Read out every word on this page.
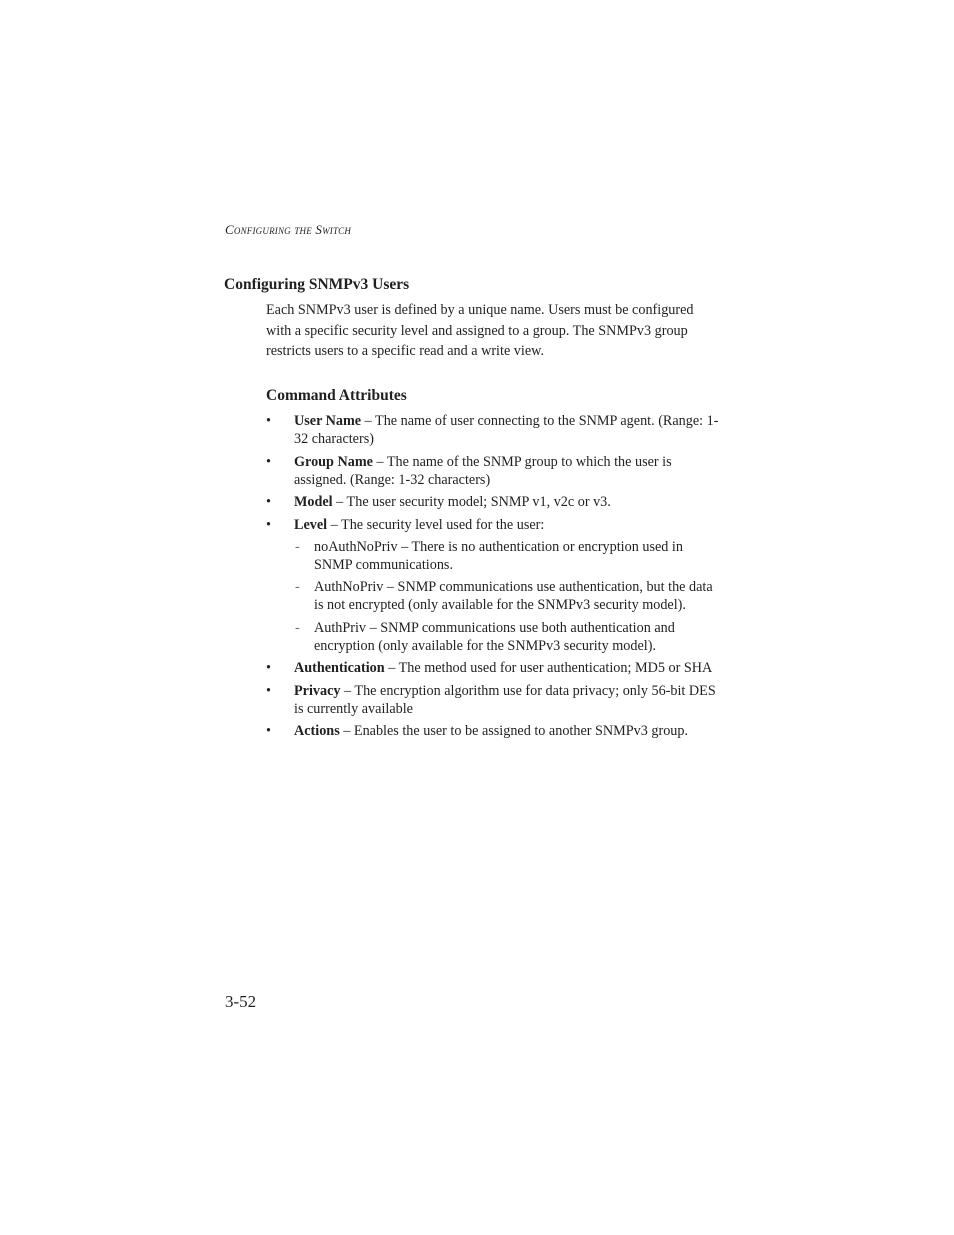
Configuring the Switch
Configuring SNMPv3 Users

Each SNMPv3 user is defined by a unique name. Users must be configured with a specific security level and assigned to a group. The SNMPv3 group restricts users to a specific read and a write view.

Command Attributes
• User Name – The name of user connecting to the SNMP agent. (Range: 1-32 characters)
• Group Name – The name of the SNMP group to which the user is assigned. (Range: 1-32 characters)
• Model – The user security model; SNMP v1, v2c or v3.
• Level – The security level used for the user:
- noAuthNoPriv – There is no authentication or encryption used in SNMP communications.
- AuthNoPriv – SNMP communications use authentication, but the data is not encrypted (only available for the SNMPv3 security model).
- AuthPriv – SNMP communications use both authentication and encryption (only available for the SNMPv3 security model).
• Authentication – The method used for user authentication; MD5 or SHA
• Privacy – The encryption algorithm use for data privacy; only 56-bit DES is currently available
• Actions – Enables the user to be assigned to another SNMPv3 group.
3-52
